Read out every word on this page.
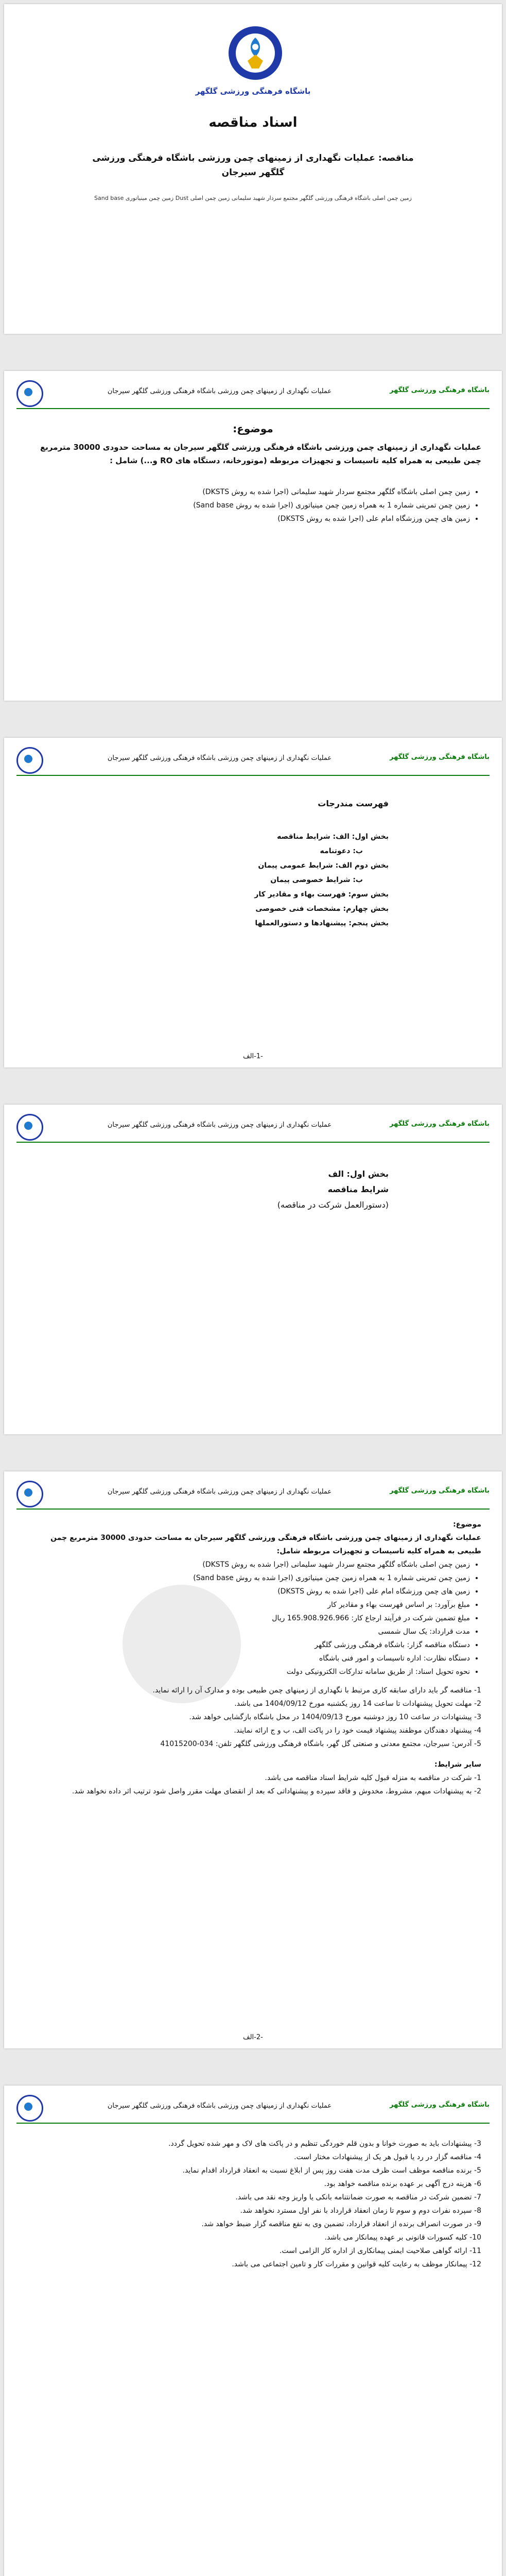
باشگاه فرهنگی ورزشی گلگهر
اسناد مناقصه
مناقصه: عملیات نگهداری از زمینهای چمن ورزشی باشگاه فرهنگی ورزشی گلگهر سیرجان
زمین چمن اصلی باشگاه فرهنگی ورزشی گلگهر مجتمع سردار شهید سلیمانی زمین چمن اصلی Dust زمین چمن مینیاتوری Sand base
باشگاه فرهنگی ورزشی گلگهر
عملیات نگهداری از زمینهای چمن ورزشی باشگاه فرهنگی ورزشی گلگهر سیرجان
موضوع:
عملیات نگهداری از زمینهای چمن ورزشی باشگاه فرهنگی ورزشی گلگهر سیرجان به مساحت حدودی 30000 مترمربع چمن طبیعی به همراه کلیه تاسیسات و تجهیزات مربوطه (موتورخانه، دستگاه های RO و...) شامل :
• زمین چمن اصلی باشگاه گلگهر مجتمع سردار شهید سلیمانی (اجرا شده به روش DKSTS)
• زمین چمن تمرینی شماره 1 به همراه زمین چمن مینیاتوری (اجرا شده به روش Sand base)
• زمین های چمن ورزشگاه امام علی (اجرا شده به روش DKSTS)
باشگاه فرهنگی ورزشی گلگهر
عملیات نگهداری از زمینهای چمن ورزشی باشگاه فرهنگی ورزشی گلگهر سیرجان
فهرست مندرجات
بخش اول: الف: شرایط مناقصه
ب: دعوتنامه
بخش دوم الف: شرایط عمومی پیمان
ب: شرایط خصوصی پیمان
بخش سوم: فهرست بهاء و مقادیر کار
بخش چهارم: مشخصات فنی خصوصی
بخش پنجم: پیشنهادها و دستورالعملها
-1-الف
باشگاه فرهنگی ورزشی گلگهر
عملیات نگهداری از زمینهای چمن ورزشی باشگاه فرهنگی ورزشی گلگهر سیرجان
بخش اول: الف
شرایط مناقصه
(دستورالعمل شرکت در مناقصه)
باشگاه فرهنگی ورزشی گلگهر
عملیات نگهداری از زمینهای چمن ورزشی باشگاه فرهنگی ورزشی گلگهر سیرجان

موضوع:

عملیات نگهداری از زمینهای چمن ورزشی باشگاه فرهنگی ورزشی گلگهر سیرجان به مساحت حدودی 30000 مترمربع چمن طبیعی به همراه کلیه تاسیسات و تجهیزات مربوطه شامل:

• زمین چمن اصلی باشگاه گلگهر مجتمع سردار شهید سلیمانی (اجرا شده به روش DKSTS)
• زمین چمن تمرینی شماره 1 به همراه زمین چمن مینیاتوری (اجرا شده به روش Sand base)
• زمین های چمن ورزشگاه امام علی (اجرا شده به روش DKSTS)
• مبلغ برآورد: بر اساس فهرست بهاء و مقادیر کار
• مبلغ تضمین شرکت در فرآیند ارجاع کار: 165.908.926.966 ریال
• مدت قرارداد: یک سال شمسی
• دستگاه مناقصه گزار: باشگاه فرهنگی ورزشی گلگهر
• دستگاه نظارت: اداره تاسیسات و امور فنی باشگاه
• نحوه تحویل اسناد: از طریق سامانه تدارکات الکترونیکی دولت

1- مناقصه گر باید دارای سابقه کاری مرتبط با نگهداری از زمینهای چمن طبیعی بوده و مدارک آن را ارائه نماید.

2- مهلت تحویل پیشنهادات تا ساعت 14 روز یکشنبه مورخ 1404/09/12 می باشد.

3- پیشنهادات در ساعت 10 روز دوشنبه مورخ 1404/09/13 در محل باشگاه بازگشایی خواهد شد.

4- پیشنهاد دهندگان موظفند پیشنهاد قیمت خود را در پاکت الف، ب و ج ارائه نمایند.

5- آدرس: سیرجان، مجتمع معدنی و صنعتی گل گهر، باشگاه فرهنگی ورزشی گلگهر تلفن: 034-41015200

سایر شرایط:

1- شرکت در مناقصه به منزله قبول کلیه شرایط اسناد مناقصه می باشد.

2- به پیشنهادات مبهم، مشروط، مخدوش و فاقد سپرده و پیشنهاداتی که بعد از انقضای مهلت مقرر واصل شود ترتیب اثر داده نخواهد شد.

-2-الف
باشگاه فرهنگی ورزشی گلگهر
عملیات نگهداری از زمینهای چمن ورزشی باشگاه فرهنگی ورزشی گلگهر سیرجان

3- پیشنهادات باید به صورت خوانا و بدون قلم خوردگی تنظیم و در پاکت های لاک و مهر شده تحویل گردد.

4- مناقصه گزار در رد یا قبول هر یک از پیشنهادات مختار است.

5- برنده مناقصه موظف است ظرف مدت هفت روز پس از ابلاغ نسبت به انعقاد قرارداد اقدام نماید.

6- هزینه درج آگهی بر عهده برنده مناقصه خواهد بود.

7- تضمین شرکت در مناقصه به صورت ضمانتنامه بانکی یا واریز وجه نقد می باشد.

8- سپرده نفرات دوم و سوم تا زمان انعقاد قرارداد با نفر اول مسترد نخواهد شد.

9- در صورت انصراف برنده از انعقاد قرارداد، تضمین وی به نفع مناقصه گزار ضبط خواهد شد.

10- کلیه کسورات قانونی بر عهده پیمانکار می باشد.

11- ارائه گواهی صلاحیت ایمنی پیمانکاری از اداره کار الزامی است.

12- پیمانکار موظف به رعایت کلیه قوانین و مقررات کار و تامین اجتماعی می باشد.
